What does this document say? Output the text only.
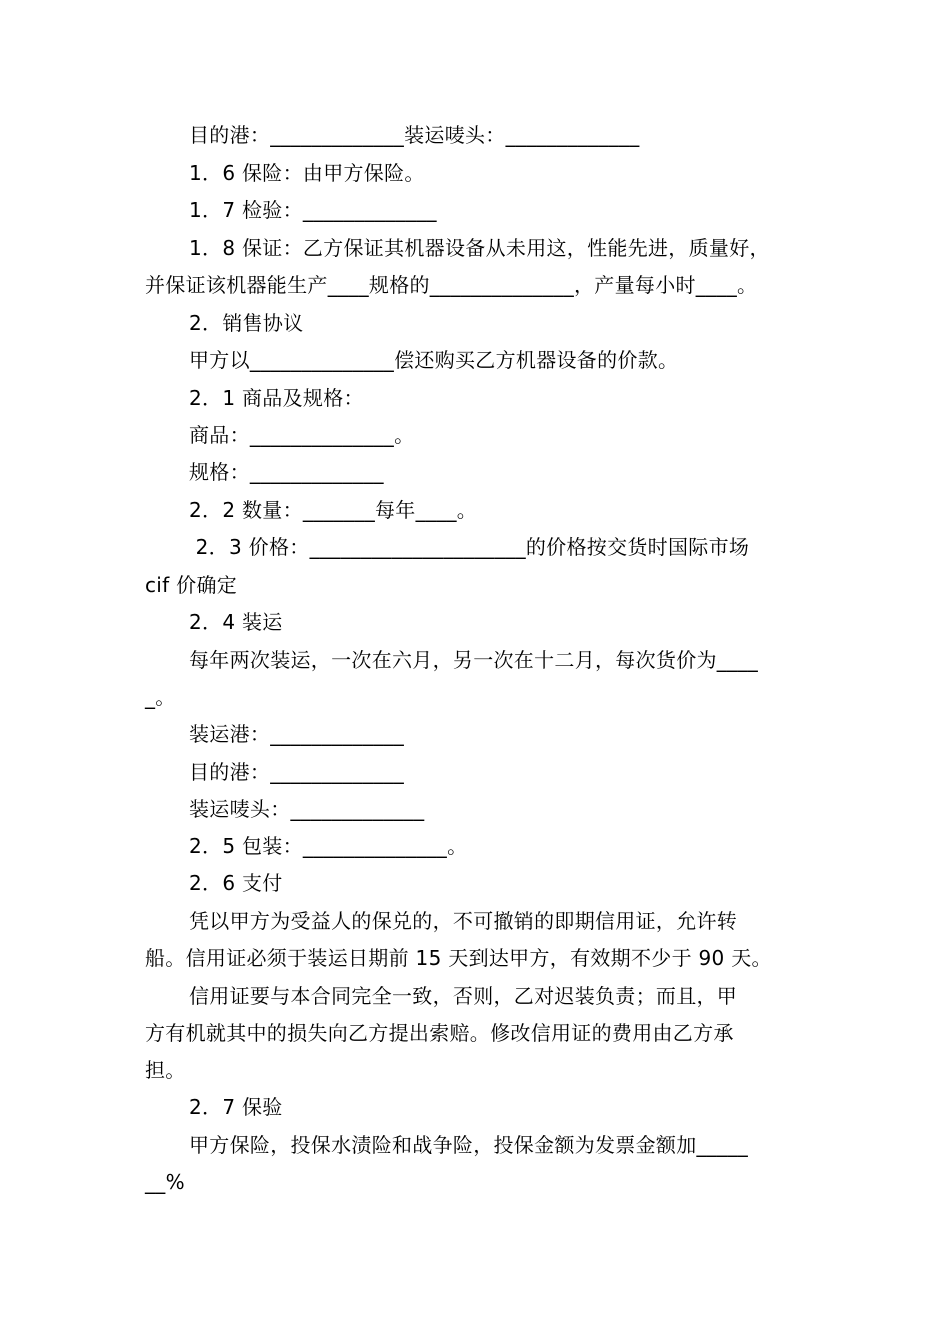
目的港：_____________装运唛头：_____________
1．6 保险：由甲方保险。
1．7 检验：_____________
1．8 保证：乙方保证其机器设备从未用这，性能先进，质量好，
并保证该机器能生产____规格的______________，产量每小时____。
2．销售协议
甲方以______________偿还购买乙方机器设备的价款。
2．1 商品及规格：
商品：______________。
规格：_____________
2．2 数量：_______每年____。
2．3 价格：_____________________的价格按交货时国际市场
cif 价确定
2．4 装运
每年两次装运，一次在六月，另一次在十二月，每次货价为____
_。
装运港：_____________
目的港：_____________
装运唛头：_____________
2．5 包装：______________。
2．6 支付
凭以甲方为受益人的保兑的，不可撤销的即期信用证，允许转
船。信用证必须于装运日期前 15 天到达甲方，有效期不少于 90 天。
信用证要与本合同完全一致，否则，乙对迟装负责；而且，甲
方有机就其中的损失向乙方提出索赔。修改信用证的费用由乙方承
担。
2．7 保验
甲方保险，投保水渍险和战争险，投保金额为发票金额加_____
__%
